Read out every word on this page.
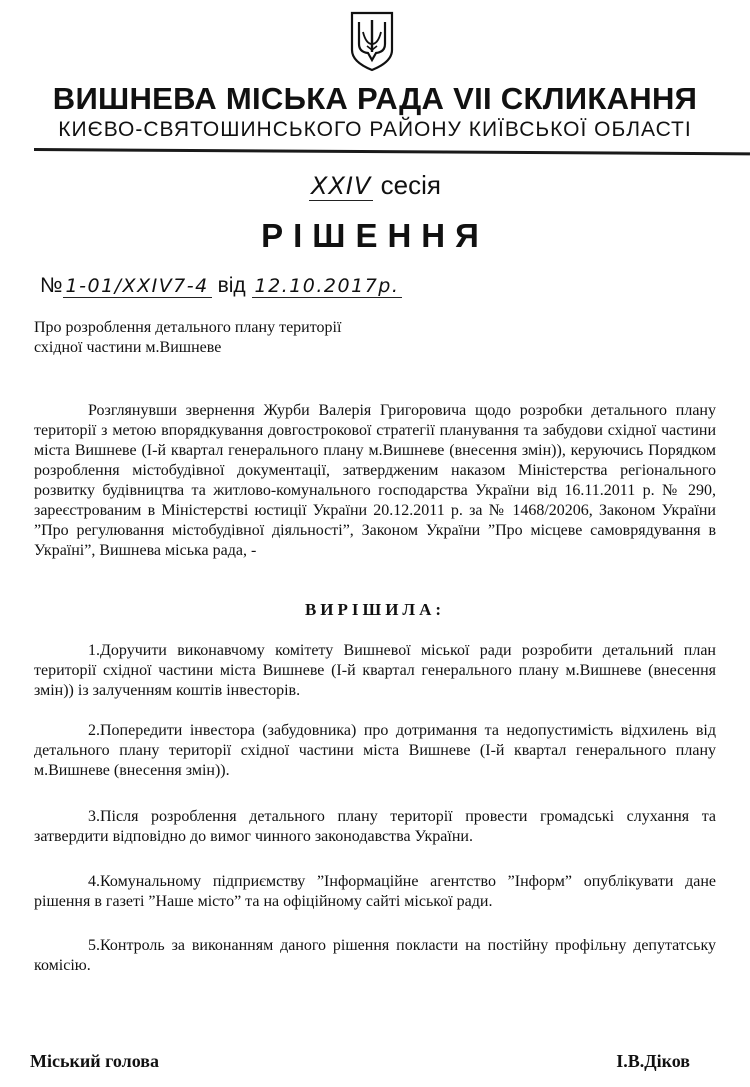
ВИШНЕВА МІСЬКА РАДА VII СКЛИКАННЯ
КИЄВО-СВЯТОШИНСЬКОГО РАЙОНУ КИЇВСЬКОЇ ОБЛАСТІ
XXIV сесія
РІШЕННЯ
№ 1-01/XXIV7-4 від 12.10.2017р.
Про розроблення детального плану території
східної частини м.Вишневе
Розглянувши звернення Журби Валерія Григоровича щодо розробки детального плану території з метою впорядкування довгострокової стратегії планування та забудови східної частини міста Вишневе (І-й квартал генерального плану м.Вишневе (внесення змін)), керуючись Порядком розроблення містобудівної документації, затвердженим наказом Міністерства регіонального розвитку будівництва та житлово-комунального господарства України від 16.11.2011 р. № 290, зареєстрованим в Міністерстві юстиції України 20.12.2011 р. за № 1468/20206, Законом України ”Про регулювання містобудівної діяльності”, Законом України ”Про місцеве самоврядування в Україні”, Вишнева міська рада, -
ВИРІШИЛА:
1.Доручити виконавчому комітету Вишневої міської ради розробити детальний план території східної частини міста Вишневе (І-й квартал генерального плану м.Вишневе (внесення змін)) із залученням коштів інвесторів.
2.Попередити інвестора (забудовника) про дотримання та недопустимість відхилень від детального плану території східної частини міста Вишневе (І-й квартал генерального плану м.Вишневе (внесення змін)).
3.Після розроблення детального плану території провести громадські слухання та затвердити відповідно до вимог чинного законодавства України.
4.Комунальному підприємству ”Інформаційне агентство ”Інформ” опублікувати дане рішення в газеті ”Наше місто” та на офіційному сайті міської ради.
5.Контроль за виконанням даного рішення покласти на постійну профільну депутатську комісію.
Міський голова	І.В.Діков
